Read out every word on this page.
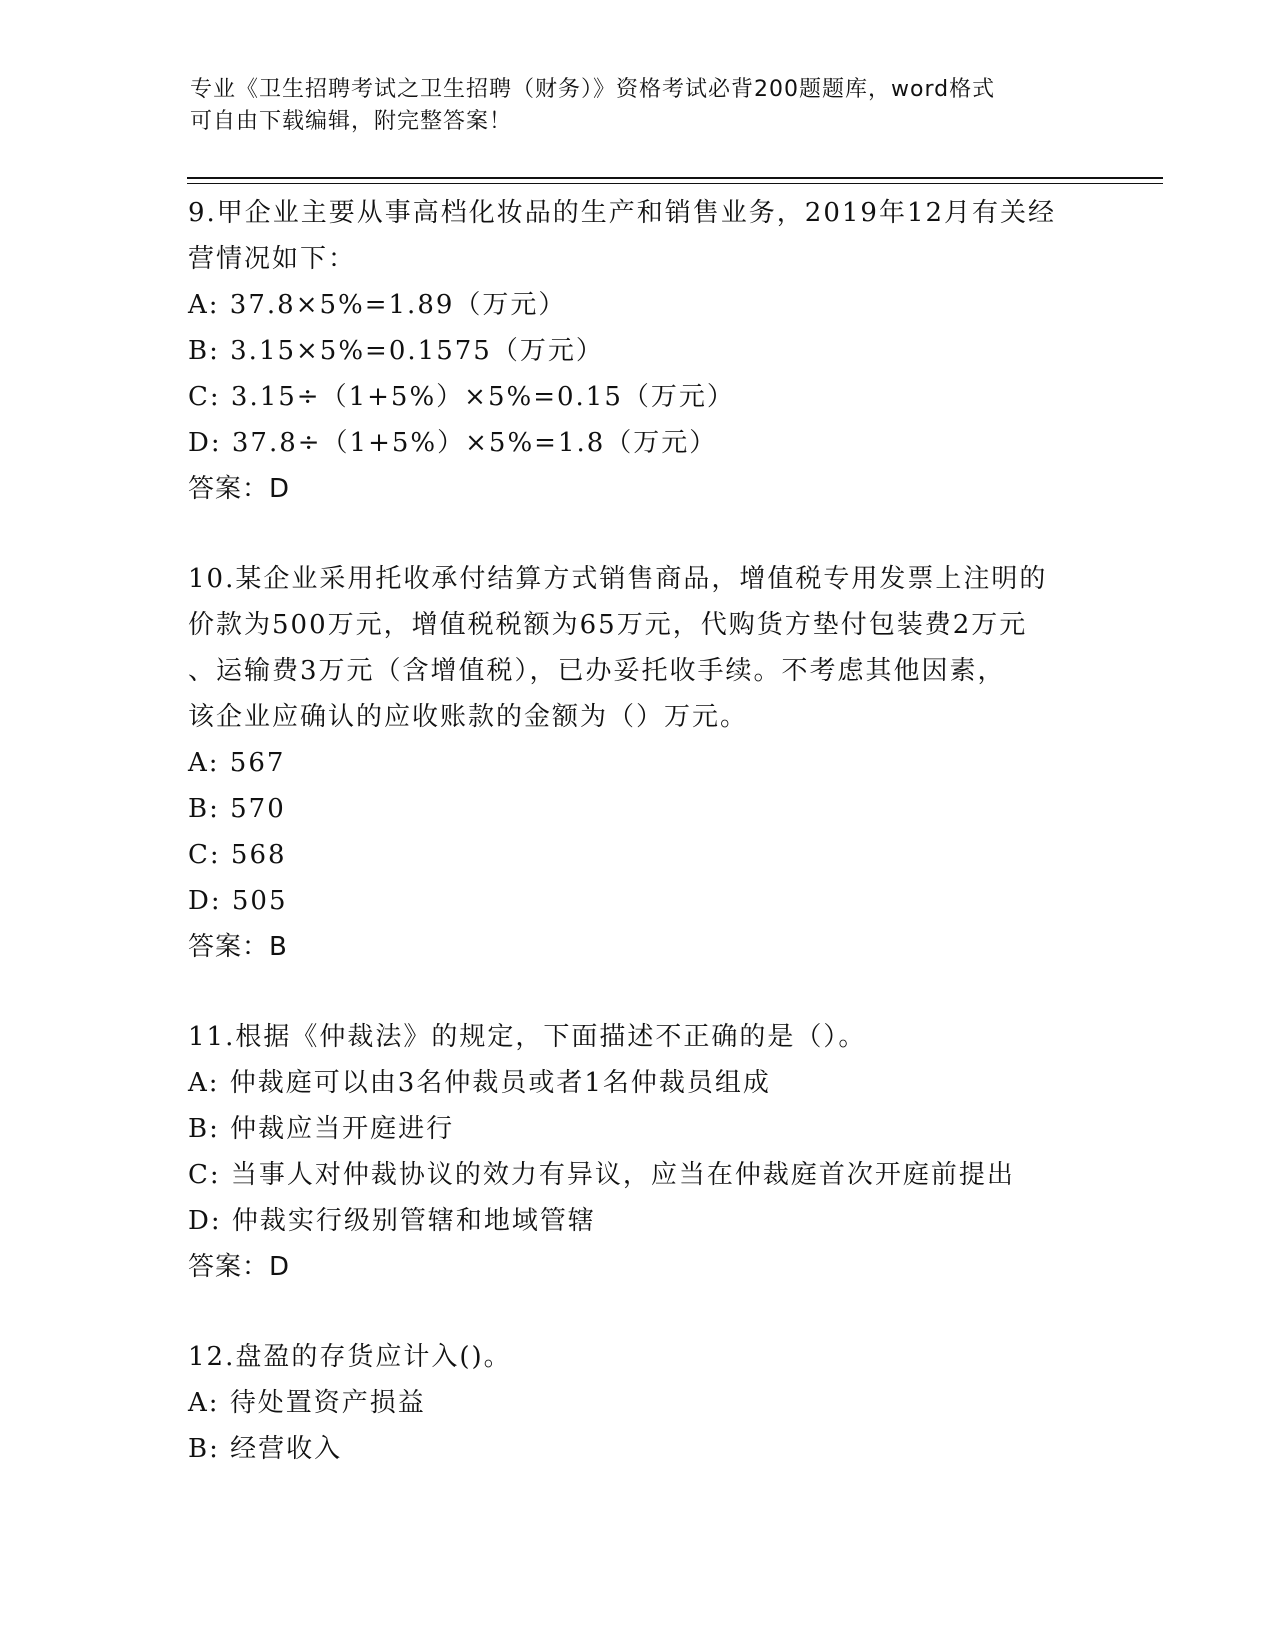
专业《卫生招聘考试之卫生招聘（财务）》资格考试必背200题题库，word格式
可自由下载编辑，附完整答案！
9.甲企业主要从事高档化妆品的生产和销售业务，2019年12月有关经
营情况如下：
A: 37.8×5%=1.89（万元）
B: 3.15×5%=0.1575（万元）
C: 3.15÷（1+5%）×5%=0.15（万元）
D: 37.8÷（1+5%）×5%=1.8（万元）
答案：D
10.某企业采用托收承付结算方式销售商品，增值税专用发票上注明的
价款为500万元，增值税税额为65万元，代购货方垫付包装费2万元
、运输费3万元（含增值税），已办妥托收手续。不考虑其他因素，
该企业应确认的应收账款的金额为（）万元。
A: 567
B: 570
C: 568
D: 505
答案：B
11.根据《仲裁法》的规定，下面描述不正确的是（）。
A: 仲裁庭可以由3名仲裁员或者1名仲裁员组成
B: 仲裁应当开庭进行
C: 当事人对仲裁协议的效力有异议，应当在仲裁庭首次开庭前提出
D: 仲裁实行级别管辖和地域管辖
答案：D
12.盘盈的存货应计入()。
A: 待处置资产损益
B: 经营收入
